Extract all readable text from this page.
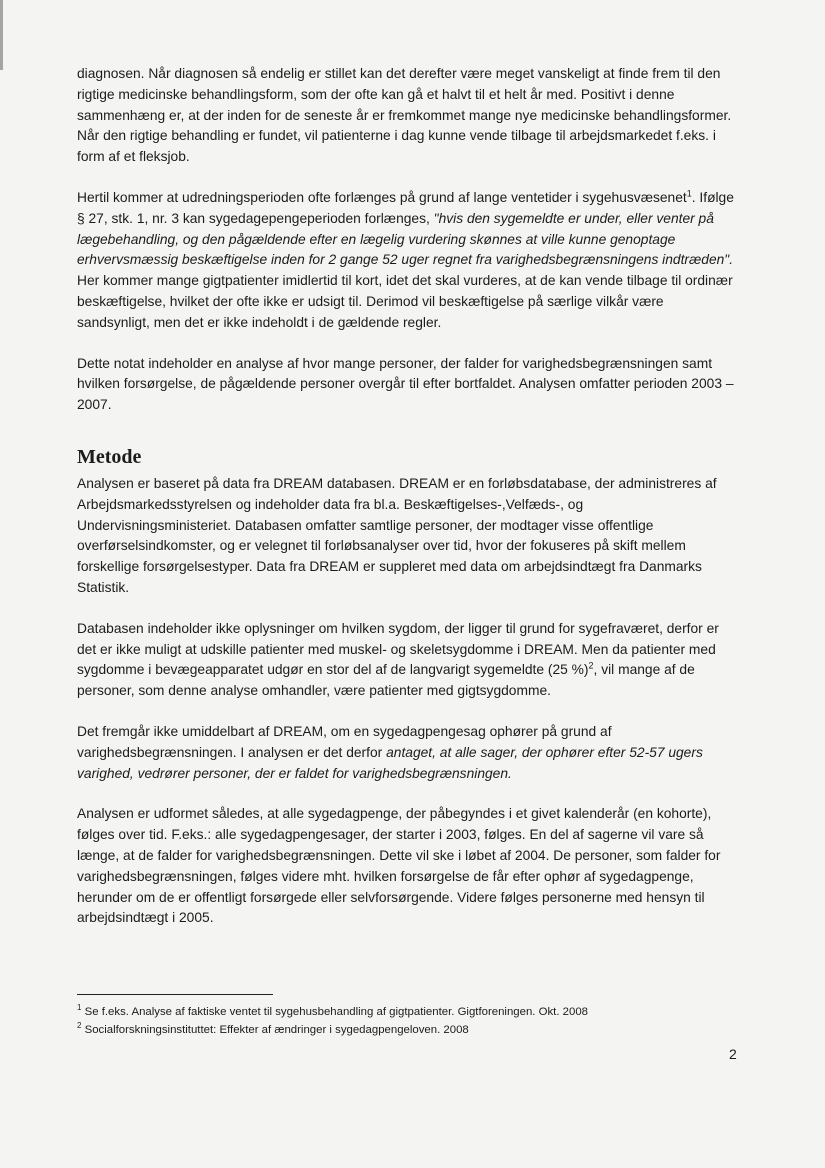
diagnosen. Når diagnosen så endelig er stillet kan det derefter være meget vanskeligt at finde frem til den rigtige medicinske behandlingsform, som der ofte kan gå et halvt til et helt år med. Positivt i denne sammenhæng er, at der inden for de seneste år er fremkommet mange nye medicinske behandlingsformer. Når den rigtige behandling er fundet, vil patienterne i dag kunne vende tilbage til arbejdsmarkedet f.eks. i form af et fleksjob.

Hertil kommer at udredningsperioden ofte forlænges på grund af lange ventetider i sygehusvæsenet$^1$. Ifølge § 27, stk. 1, nr. 3 kan sygedagepengeperioden forlænges, "hvis den sygemeldte er under, eller venter på lægebehandling, og den pågældende efter en lægelig vurdering skønnes at ville kunne genoptage erhvervsmæssig beskæftigelse inden for 2 gange 52 uger regnet fra varighedsbegrænsningens indtræden". Her kommer mange gigtpatienter imidlertid til kort, idet det skal vurderes, at de kan vende tilbage til ordinær beskæftigelse, hvilket der ofte ikke er udsigt til. Derimod vil beskæftigelse på særlige vilkår være sandsynligt, men det er ikke indeholdt i de gældende regler.

Dette notat indeholder en analyse af hvor mange personer, der falder for varighedsbegrænsningen samt hvilken forsørgelse, de pågældende personer overgår til efter bortfaldet. Analysen omfatter perioden 2003 – 2007.

Metode

Analysen er baseret på data fra DREAM databasen. DREAM er en forløbsdatabase, der administreres af Arbejdsmarkedsstyrelsen og indeholder data fra bl.a. Beskæftigelses-,Velfæds-, og Undervisningsministeriet. Databasen omfatter samtlige personer, der modtager visse offentlige overførselsindkomster, og er velegnet til forløbsanalyser over tid, hvor der fokuseres på skift mellem forskellige forsørgelsestyper. Data fra DREAM er suppleret med data om arbejdsindtægt fra Danmarks Statistik.

Databasen indeholder ikke oplysninger om hvilken sygdom, der ligger til grund for sygefraværet, derfor er det er ikke muligt at udskille patienter med muskel- og skeletsygdomme i DREAM. Men da patienter med sygdomme i bevægeapparatet udgør en stor del af de langvarigt sygemeldte (25 %)$^2$, vil mange af de personer, som denne analyse omhandler, være patienter med gigtsygdomme.

Det fremgår ikke umiddelbart af DREAM, om en sygedagpengesag ophører på grund af varighedsbegrænsningen. I analysen er det derfor antaget, at alle sager, der ophører efter 52-57 ugers varighed, vedrører personer, der er faldet for varighedsbegrænsningen.

Analysen er udformet således, at alle sygedagpenge, der påbegyndes i et givet kalenderår (en kohorte), følges over tid. F.eks.: alle sygedagpengesager, der starter i 2003, følges. En del af sagerne vil vare så længe, at de falder for varighedsbegrænsningen. Dette vil ske i løbet af 2004. De personer, som falder for varighedsbegrænsningen, følges videre mht. hvilken forsørgelse de får efter ophør af sygedagpenge, herunder om de er offentligt forsørgede eller selvforsørgende. Videre følges personerne med hensyn til arbejdsindtægt i 2005.

$^1$ Se f.eks. Analyse af faktiske ventet til sygehusbehandling af gigtpatienter. Gigtforeningen. Okt. 2008
$^2$ Socialforskningsinstituttet: Effekter af ændringer i sygedagpengeloven. 2008
2
